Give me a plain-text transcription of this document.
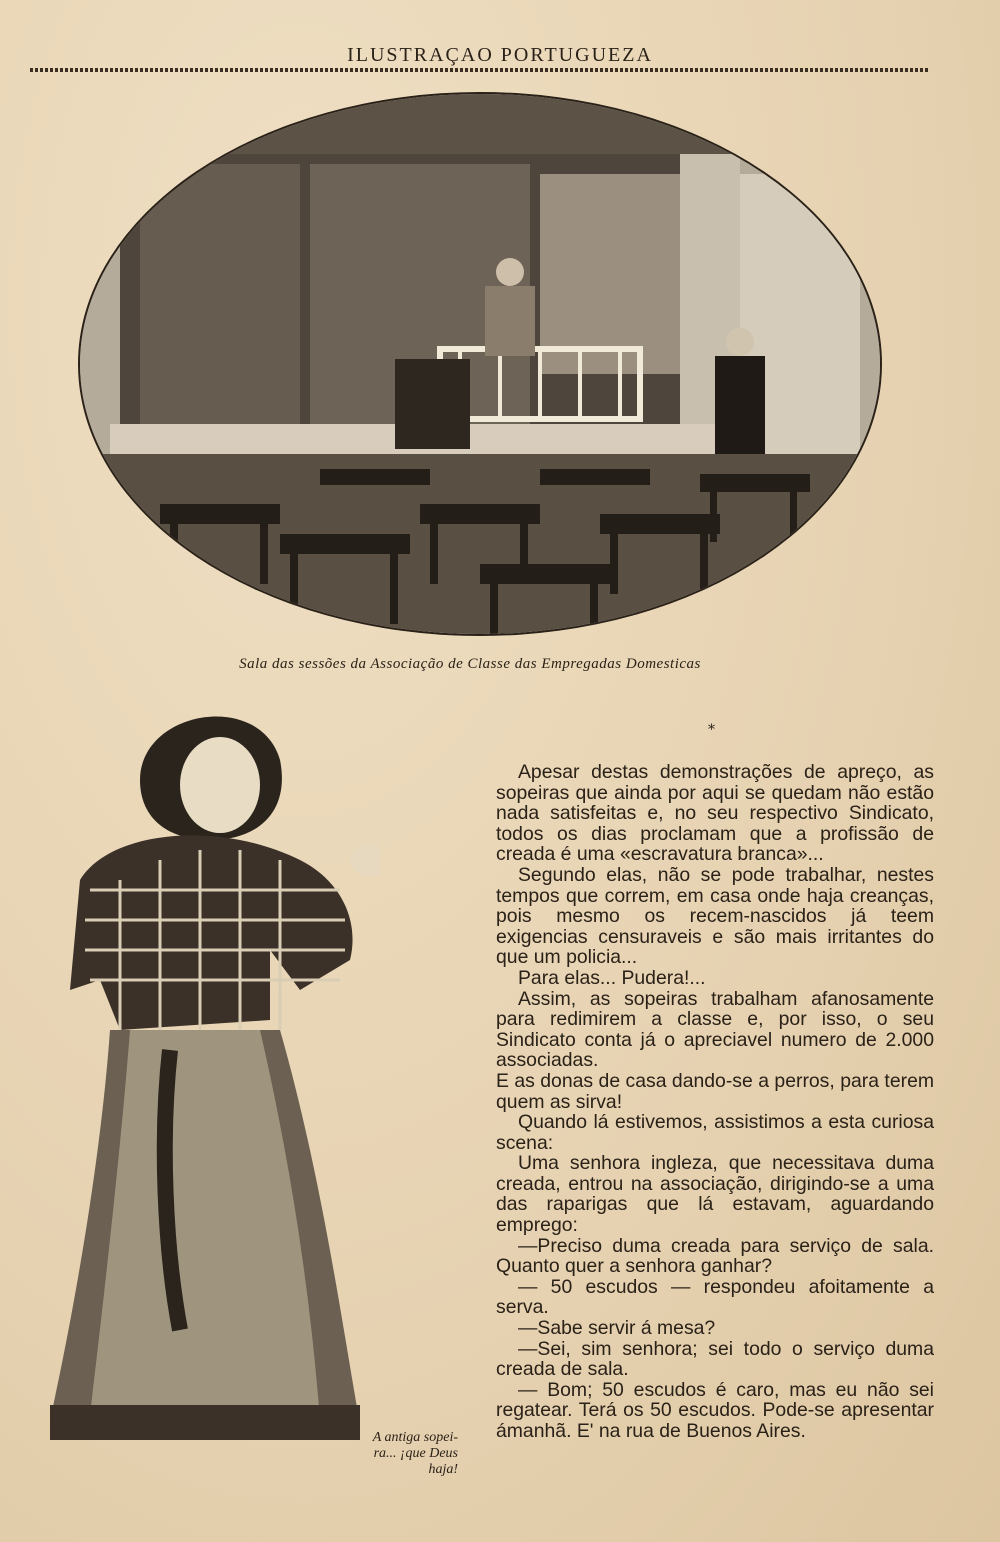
ILUSTRAÇAO PORTUGUEZA
Sala das sessões da Associação de Classe das Empregadas Domesticas
*
A antiga sopei-
ra... ¡que Deus
haja!

Apesar destas demonstrações de apreço, as sopeiras que ainda por aqui se quedam não estão nada satisfeitas e, no seu respectivo Sindicato, todos os dias proclamam que a profissão de creada é uma «escravatura branca»...

Segundo elas, não se pode trabalhar, nestes tempos que correm, em casa onde haja creanças, pois mesmo os recem-nascidos já teem exigencias censuraveis e são mais irritantes do que um policia...

Para elas... Pudera!...

Assim, as sopeiras trabalham afanosamente para redimirem a classe e, por isso, o seu Sindicato conta já o apreciavel numero de 2.000 associadas.

E as donas de casa dando-se a perros, para terem quem as sirva!

Quando lá estivemos, assistimos a esta curiosa scena:

Uma senhora ingleza, que necessitava duma creada, entrou na associação, dirigindo-se a uma das raparigas que lá estavam, aguardando emprego:

—Preciso duma creada para serviço de sala. Quanto quer a senhora ganhar?

— 50 escudos — respondeu afoitamente a serva.

—Sabe servir á mesa?

—Sei, sim senhora; sei todo o serviço duma creada de sala.

— Bom; 50 escudos é caro, mas eu não sei regatear. Terá os 50 escudos. Pode-se apresentar ámanhã. E' na rua de Buenos Aires.
